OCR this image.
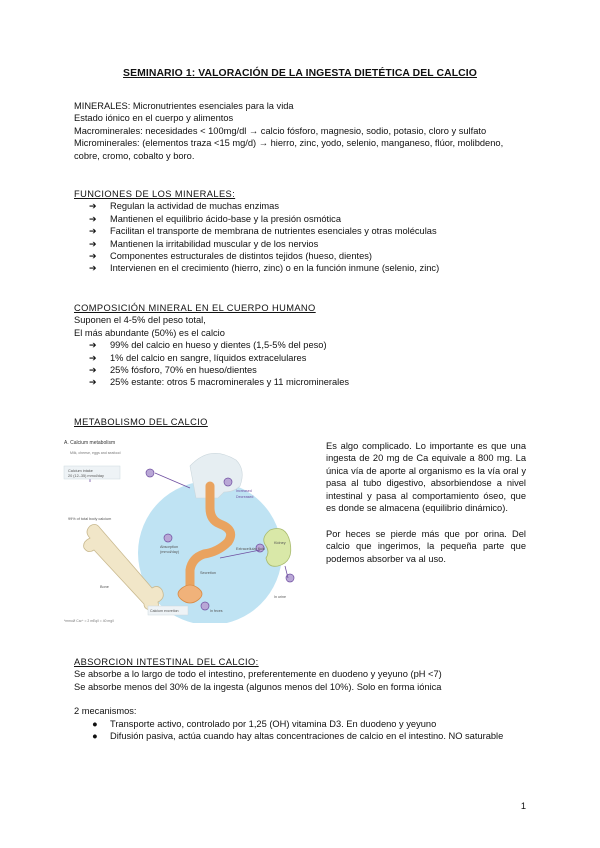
SEMINARIO 1: VALORACIÓN DE LA INGESTA DIETÉTICA DEL CALCIO
MINERALES: Micronutrientes esenciales para la vida
Estado iónico en el cuerpo y alimentos
Macrominerales: necesidades < 100mg/dl → calcio fósforo, magnesio, sodio, potasio, cloro y sulfato
Microminerales: (elementos traza <15 mg/d) → hierro, zinc, yodo, selenio, manganeso, flúor, molibdeno,
cobre, cromo, cobalto y boro.
FUNCIONES DE LOS MINERALES:
➔ Regulan la actividad de muchas enzimas
➔ Mantienen el equilibrio ácido-base y la presión osmótica
➔ Facilitan el transporte de membrana de nutrientes esenciales y otras moléculas
➔ Mantienen la irritabilidad muscular y de los nervios
➔ Componentes estructurales de distintos tejidos (hueso, dientes)
➔ Intervienen en el crecimiento (hierro, zinc) o en la función inmune (selenio, zinc)
COMPOSICIÓN MINERAL EN EL CUERPO HUMANO
Suponen el 4-5% del peso total,
El más abundante (50%) es el calcio
➔ 99% del calcio en hueso y dientes (1,5-5% del peso)
➔ 1% del calcio en sangre, líquidos extracelulares
➔ 25% fósforo, 70% en hueso/dientes
➔ 25% estante: otros 5 macrominerales y 11 microminerales
METABOLISMO DEL CALCIO
A. Calcium metabolism
Milk, cheese, eggs and seafood
Calcium intake
20 (12–35) mmol/day
99% of total body calcium
Bone
Absorption
(mmol/day)
Extracellular fluid
Secretion
Increased
Decreased
Kidney
Calcium excretion	In feces
In urine
*mmol/l Ca²⁺ = 2 mEq/l = 40 mg/l
Es algo complicado. Lo importante es que una ingesta de 20 mg de Ca equivale a 800 mg. La única vía de aporte al organismo es la vía oral y pasa al tubo digestivo, absorbiendose a nivel intestinal y pasa al comportamiento óseo, que es donde se almacena (equilibrio dinámico).
Por heces se pierde más que por orina. Del calcio que ingerimos, la pequeña parte que podemos absorber va al uso.
ABSORCION INTESTINAL DEL CALCIO:
Se absorbe a lo largo de todo el intestino, preferentemente en duodeno y yeyuno (pH <7)
Se absorbe menos del 30% de la ingesta (algunos menos del 10%). Solo en forma iónica
2 mecanismos:
● Transporte activo, controlado por 1,25 (OH) vitamina D3. En duodeno y yeyuno
● Difusión pasiva, actúa cuando hay altas concentraciones de calcio en el intestino. NO saturable
1
